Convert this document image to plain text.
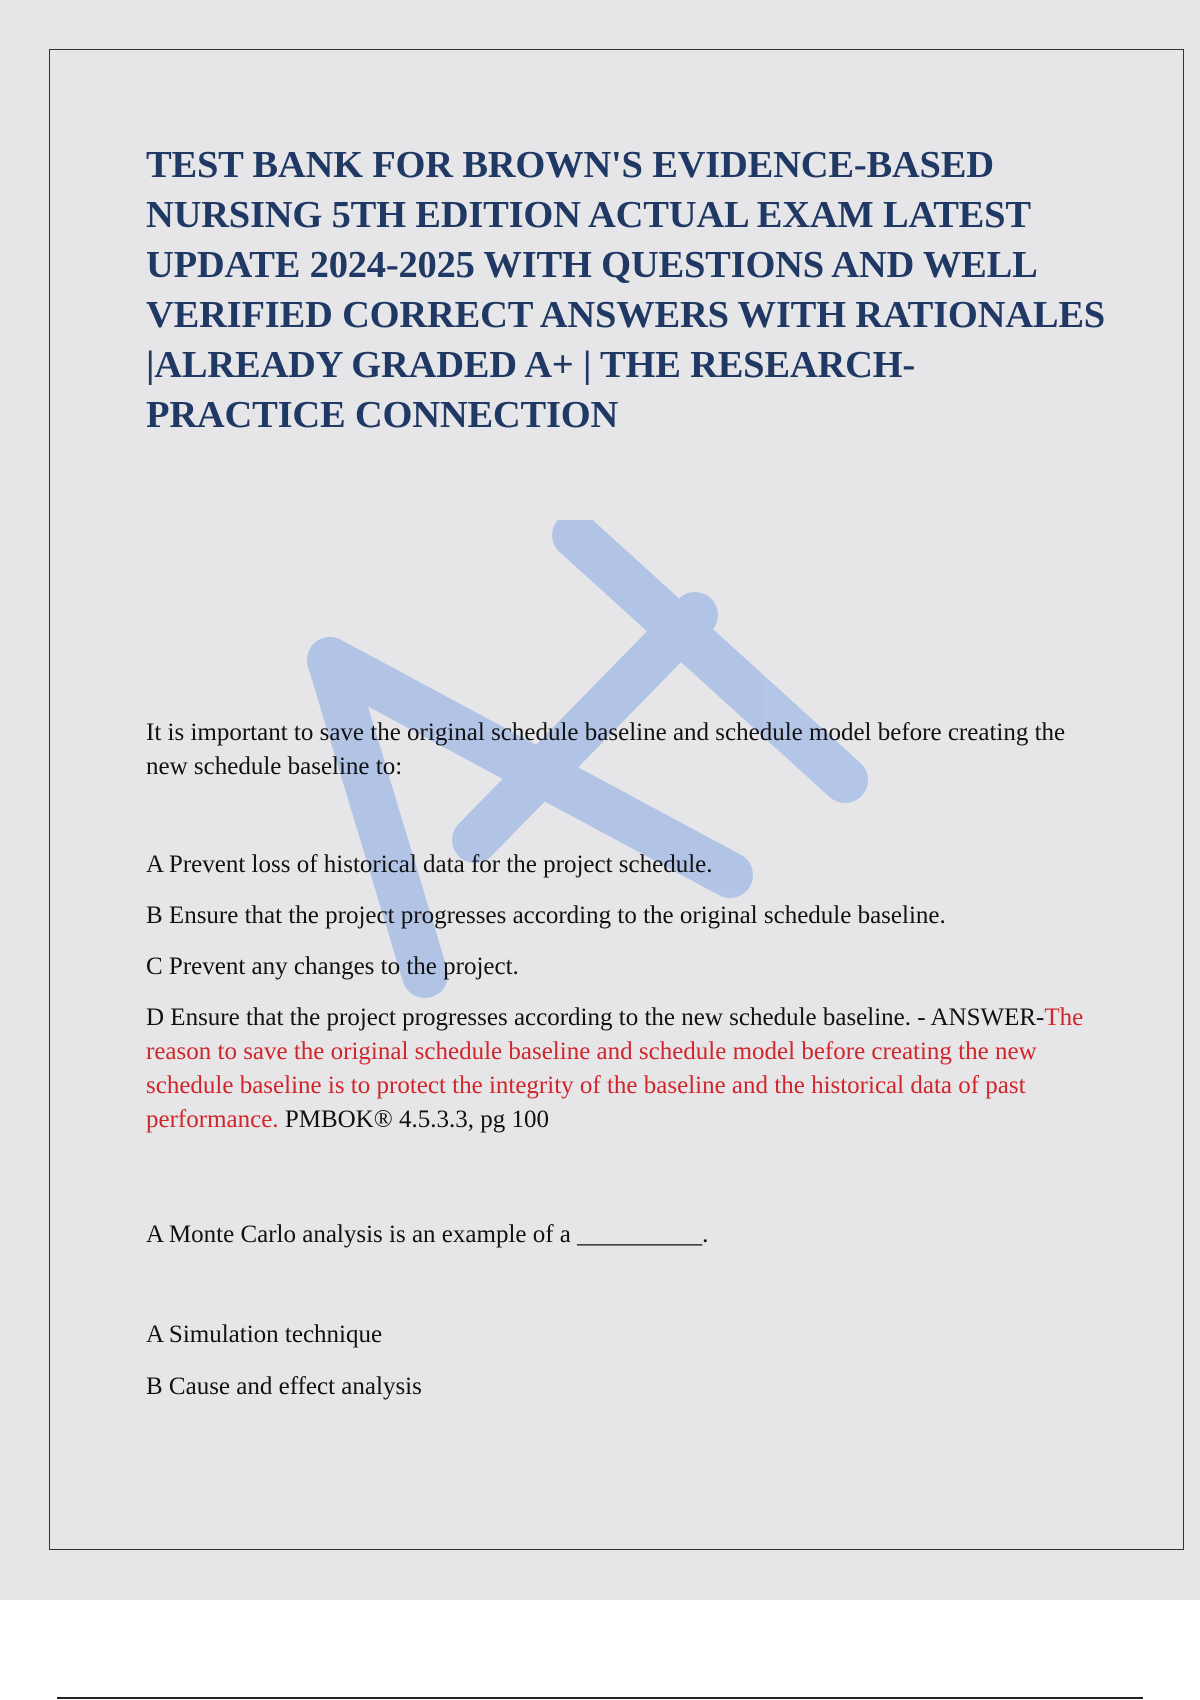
TEST BANK FOR BROWN'S EVIDENCE-BASED NURSING 5TH EDITION ACTUAL EXAM LATEST UPDATE 2024-2025 WITH QUESTIONS AND WELL VERIFIED CORRECT ANSWERS WITH RATIONALES |ALREADY GRADED A+ | THE RESEARCH-PRACTICE CONNECTION

It is important to save the original schedule baseline and schedule model before creating the new schedule baseline to:

A Prevent loss of historical data for the project schedule.

B Ensure that the project progresses according to the original schedule baseline.

C Prevent any changes to the project.

D Ensure that the project progresses according to the new schedule baseline. - ANSWER-The reason to save the original schedule baseline and schedule model before creating the new schedule baseline is to protect the integrity of the baseline and the historical data of past performance. PMBOK® 4.5.3.3, pg 100

A Monte Carlo analysis is an example of a __________.

A Simulation technique

B Cause and effect analysis
